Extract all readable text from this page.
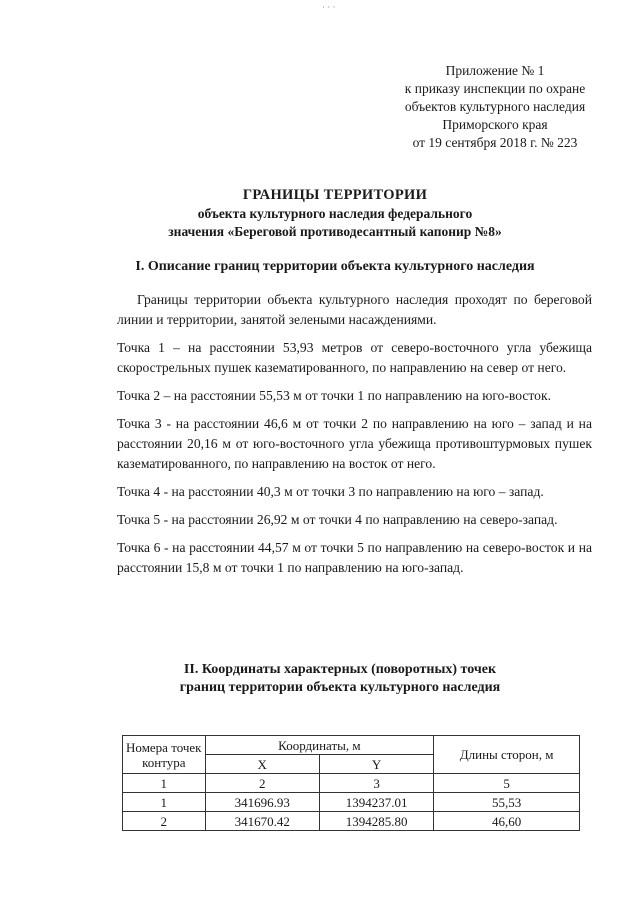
· · ·
Приложение № 1
к приказу инспекции по охране
объектов культурного наследия
Приморского края
от 19 сентября 2018 г. № 223
ГРАНИЦЫ ТЕРРИТОРИИ
объекта культурного наследия федерального
значения «Береговой противодесантный капонир №8»
I. Описание границ территории объекта культурного наследия

Границы территории объекта культурного наследия проходят по береговой линии и территории, занятой зелеными насаждениями.

Точка 1 – на расстоянии 53,93 метров от северо-восточного угла убежища скорострельных пушек казематированного, по направлению на север от него.

Точка 2 – на расстоянии 55,53 м от точки 1 по направлению на юго-восток.

Точка 3 - на расстоянии 46,6 м от точки 2 по направлению на юго – запад и на расстоянии 20,16 м от юго-восточного угла убежища противоштурмовых пушек казематированного, по направлению на восток от него.

Точка 4 - на расстоянии 40,3 м от точки 3 по направлению на юго – запад.

Точка 5 - на расстоянии 26,92 м от точки 4 по направлению на северо-запад.

Точка 6 - на расстоянии 44,57 м от точки 5 по направлению на северо-восток и на расстоянии 15,8 м от точки 1 по направлению на юго-запад.

II. Координаты характерных (поворотных) точек
границ территории объекта культурного наследия
Номера точек контура	Координаты, м		Длины сторон, м
	X	Y	
1	2	3	5
1	341696.93	1394237.01	55,53
2	341670.42	1394285.80	46,60
